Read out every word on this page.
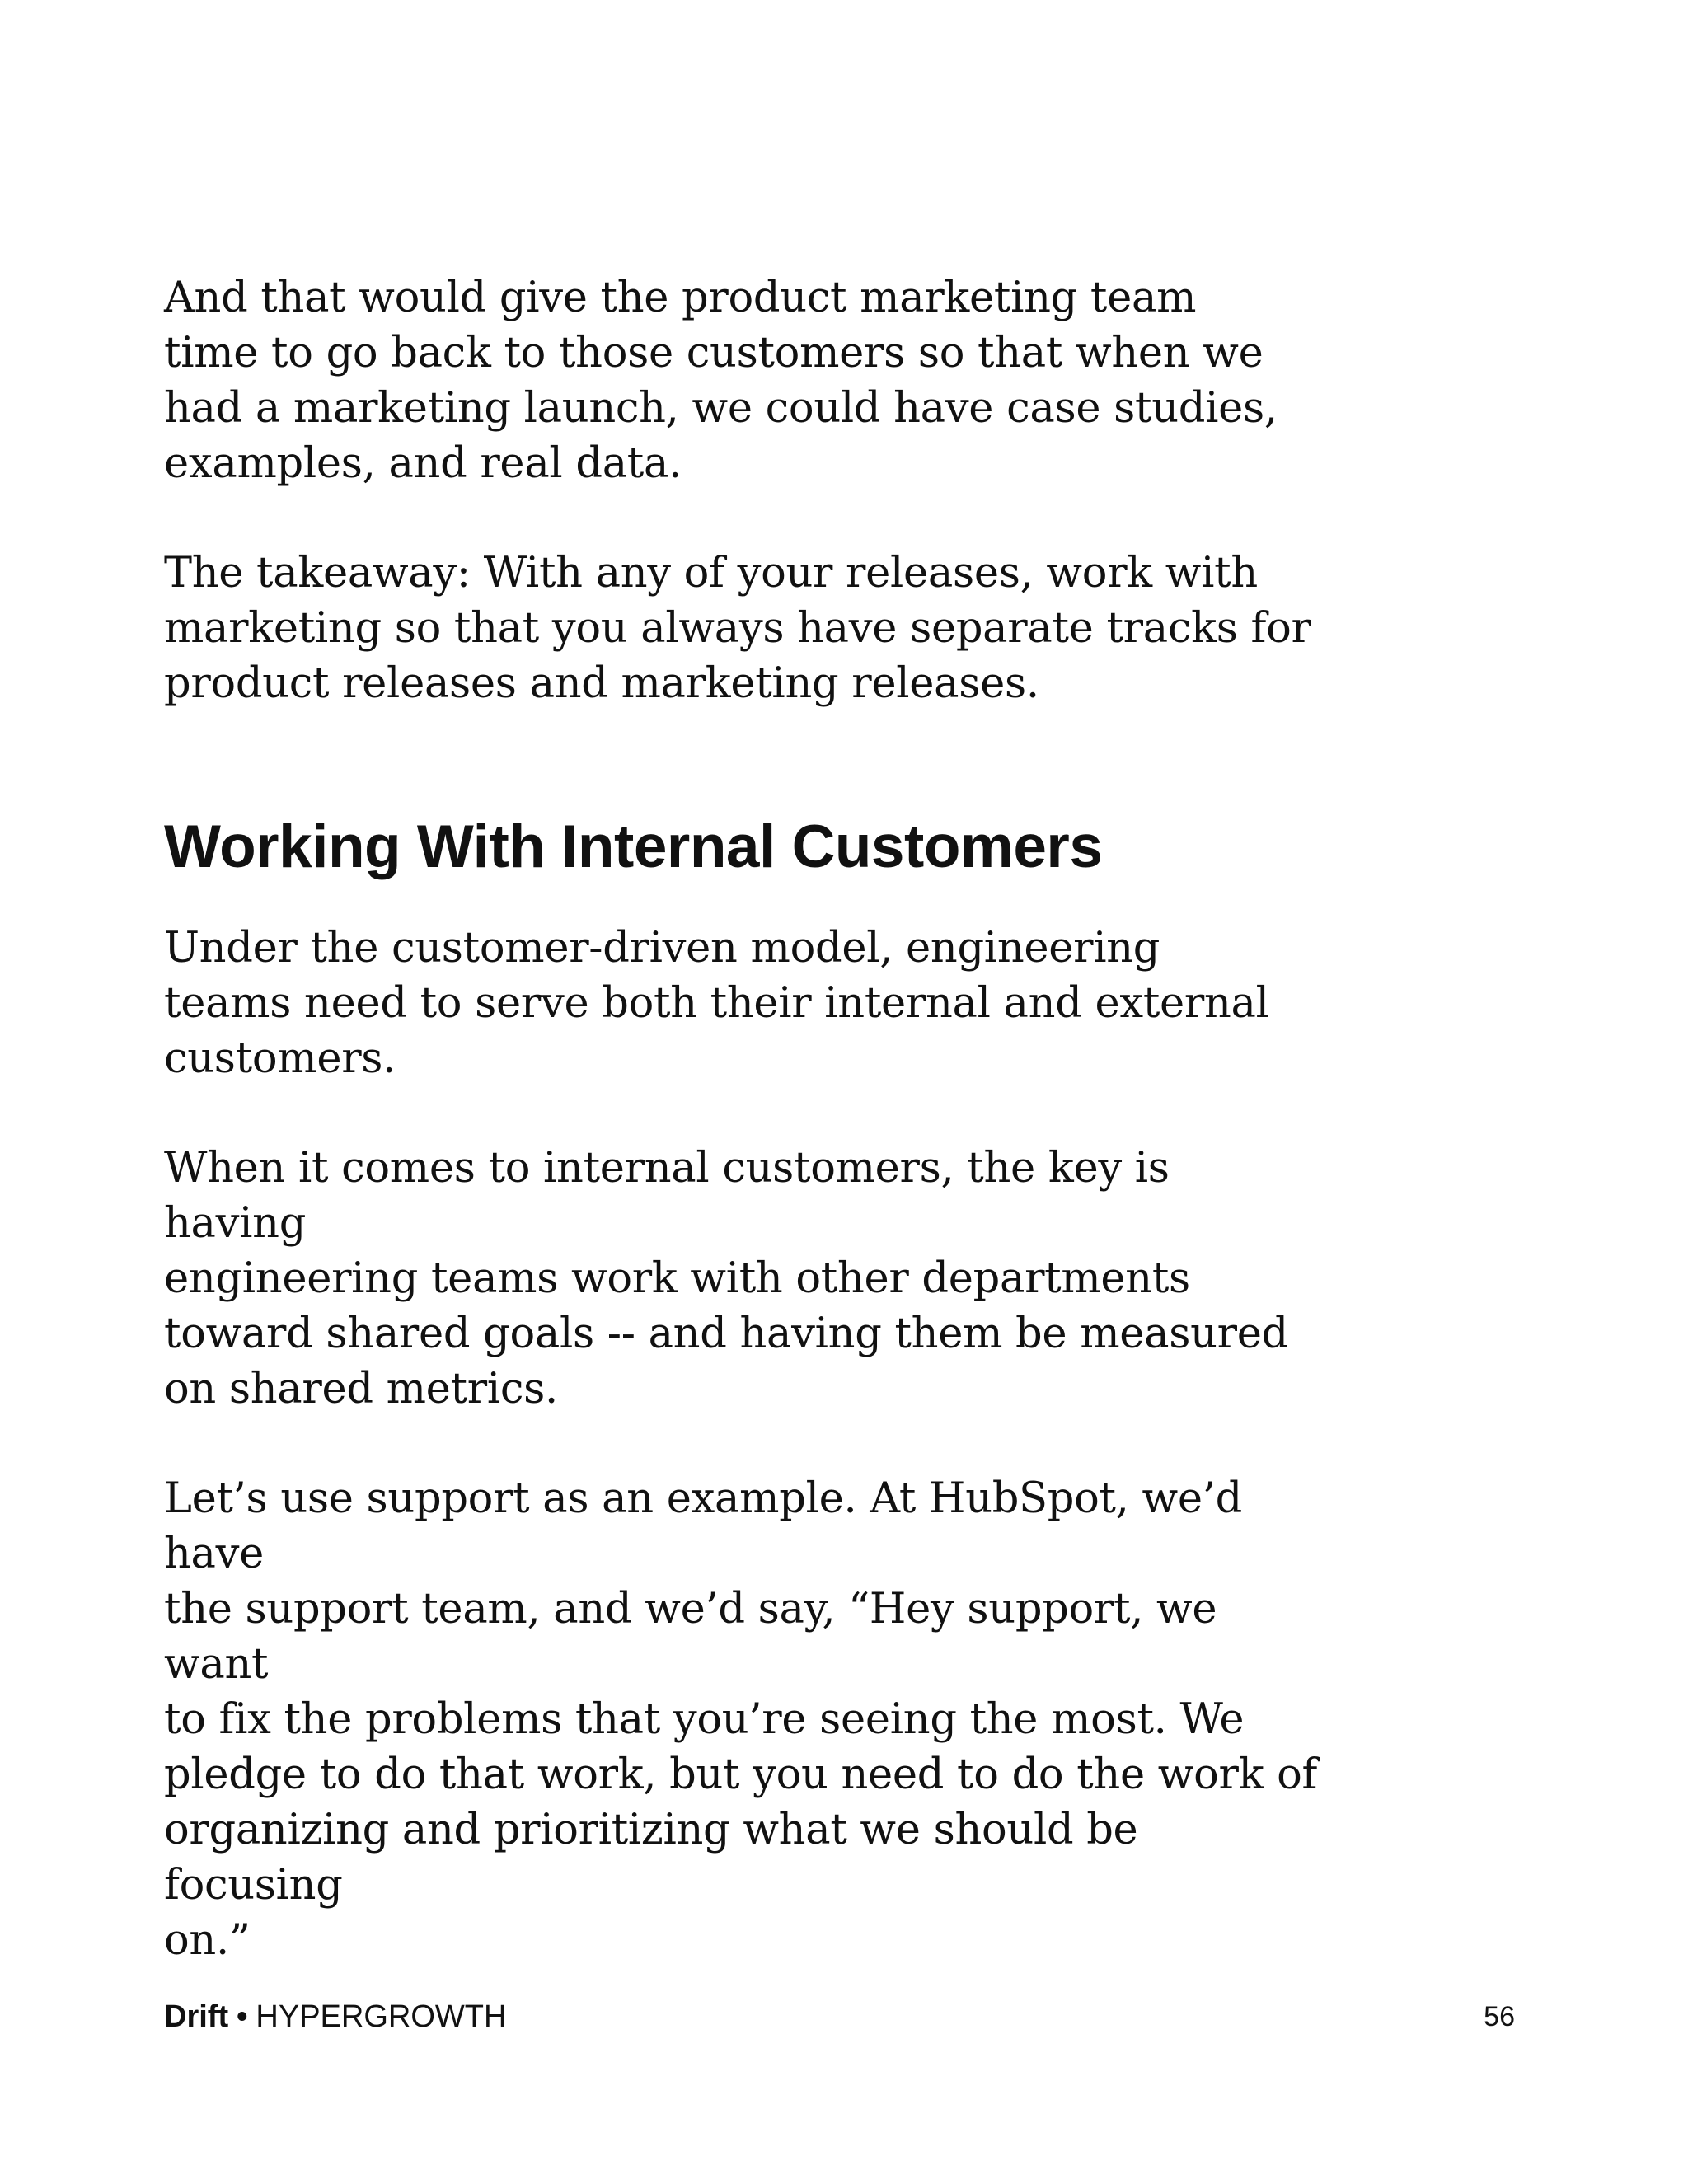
And that would give the product marketing team
time to go back to those customers so that when we
had a marketing launch, we could have case studies,
examples, and real data.

The takeaway: With any of your releases, work with
marketing so that you always have separate tracks for
product releases and marketing releases.

Working With Internal Customers

Under the customer-driven model, engineering
teams need to serve both their internal and external
customers.

When it comes to internal customers, the key is having
engineering teams work with other departments
toward shared goals -- and having them be measured
on shared metrics.

Let’s use support as an example. At HubSpot, we’d have
the support team, and we’d say, “Hey support, we want
to fix the problems that you’re seeing the most. We
pledge to do that work, but you need to do the work of
organizing and prioritizing what we should be focusing
on.”

Drift • HYPERGROWTH	56
